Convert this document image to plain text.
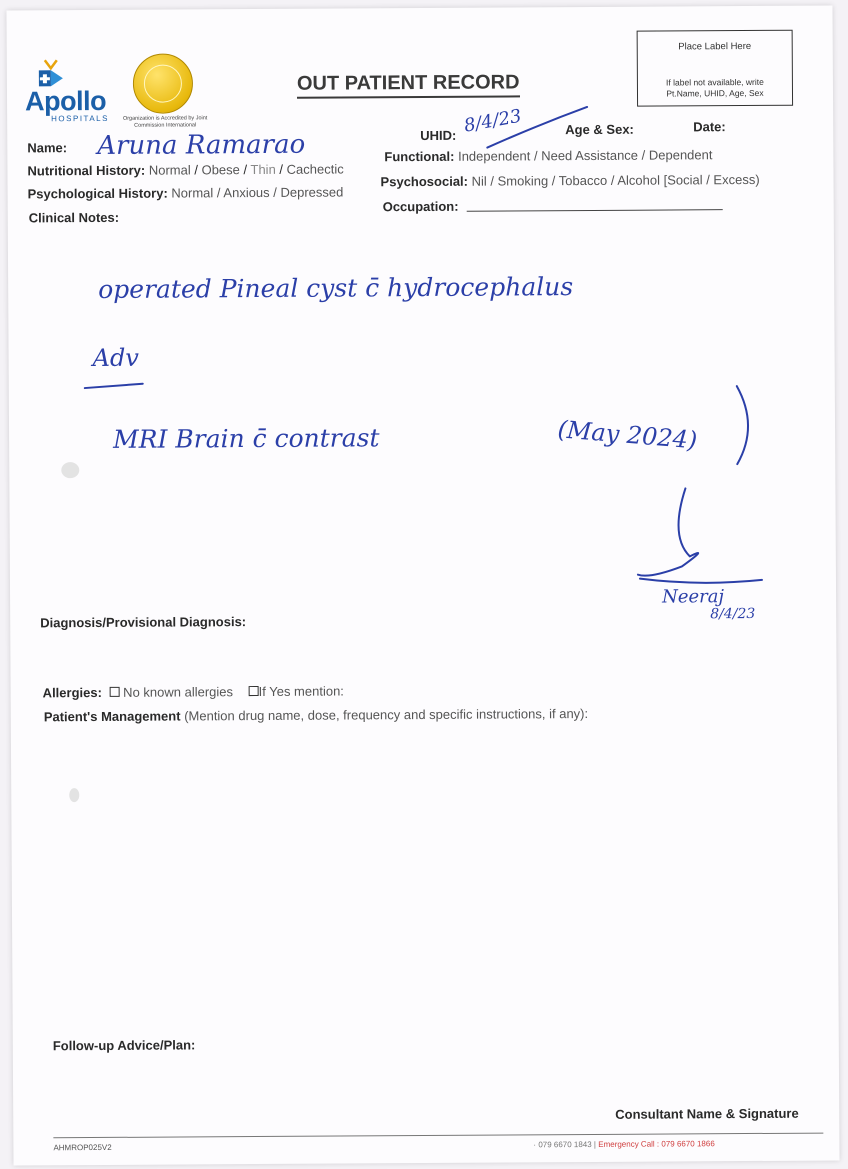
Apollo
HOSPITALS	Organization is Accredited by Joint Commission International
OUT PATIENT RECORD
Place Label Here
If label not available, write
Pt.Name, UHID, Age, Sex
Name:
UHID:	Age & Sex:	Date:
Nutritional History: Normal / Obese / Thin / Cachectic
Functional: Independent / Need Assistance / Dependent
Psychological History: Normal / Anxious / Depressed
Psychosocial: Nil / Smoking / Tobacco / Alcohol [Social / Excess)
Clinical Notes:
Occupation:
Aruna Ramarao
8/4/23
operated Pineal cyst c̄ hydrocephalus
Adv
MRI Brain c̄ contrast	(May 2024)
Neeraj
8/4/23
Diagnosis/Provisional Diagnosis:
Allergies: No known allergies If Yes mention:
Patient's Management (Mention drug name, dose, frequency and specific instructions, if any):
Follow-up Advice/Plan:
Consultant Name & Signature
AHMROP025V2	· 079 6670 1843 | Emergency Call : 079 6670 1866
